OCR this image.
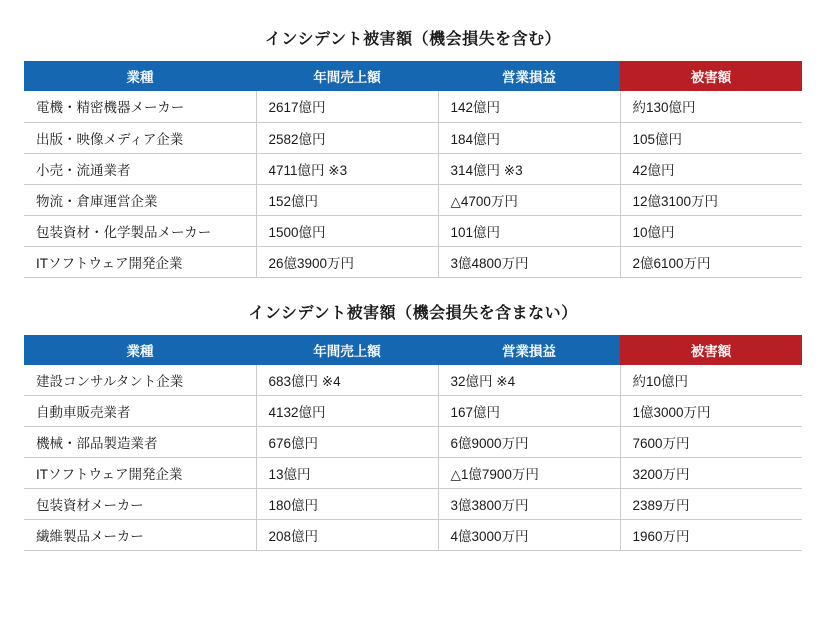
インシデント被害額（機会損失を含む）
業種	年間売上額	営業損益	被害額
電機・精密機器メーカー	2617億円	142億円	約130億円
出版・映像メディア企業	2582億円	184億円	105億円
小売・流通業者	4711億円 ※3	314億円 ※3	42億円
物流・倉庫運営企業	152億円	△4700万円	12億3100万円
包装資材・化学製品メーカー	1500億円	101億円	10億円
ITソフトウェア開発企業	26億3900万円	3億4800万円	2億6100万円
インシデント被害額（機会損失を含まない）
業種	年間売上額	営業損益	被害額
建設コンサルタント企業	683億円 ※4	32億円 ※4	約10億円
自動車販売業者	4132億円	167億円	1億3000万円
機械・部品製造業者	676億円	6億9000万円	7600万円
ITソフトウェア開発企業	13億円	△1億7900万円	3200万円
包装資材メーカー	180億円	3億3800万円	2389万円
繊維製品メーカー	208億円	4億3000万円	1960万円
